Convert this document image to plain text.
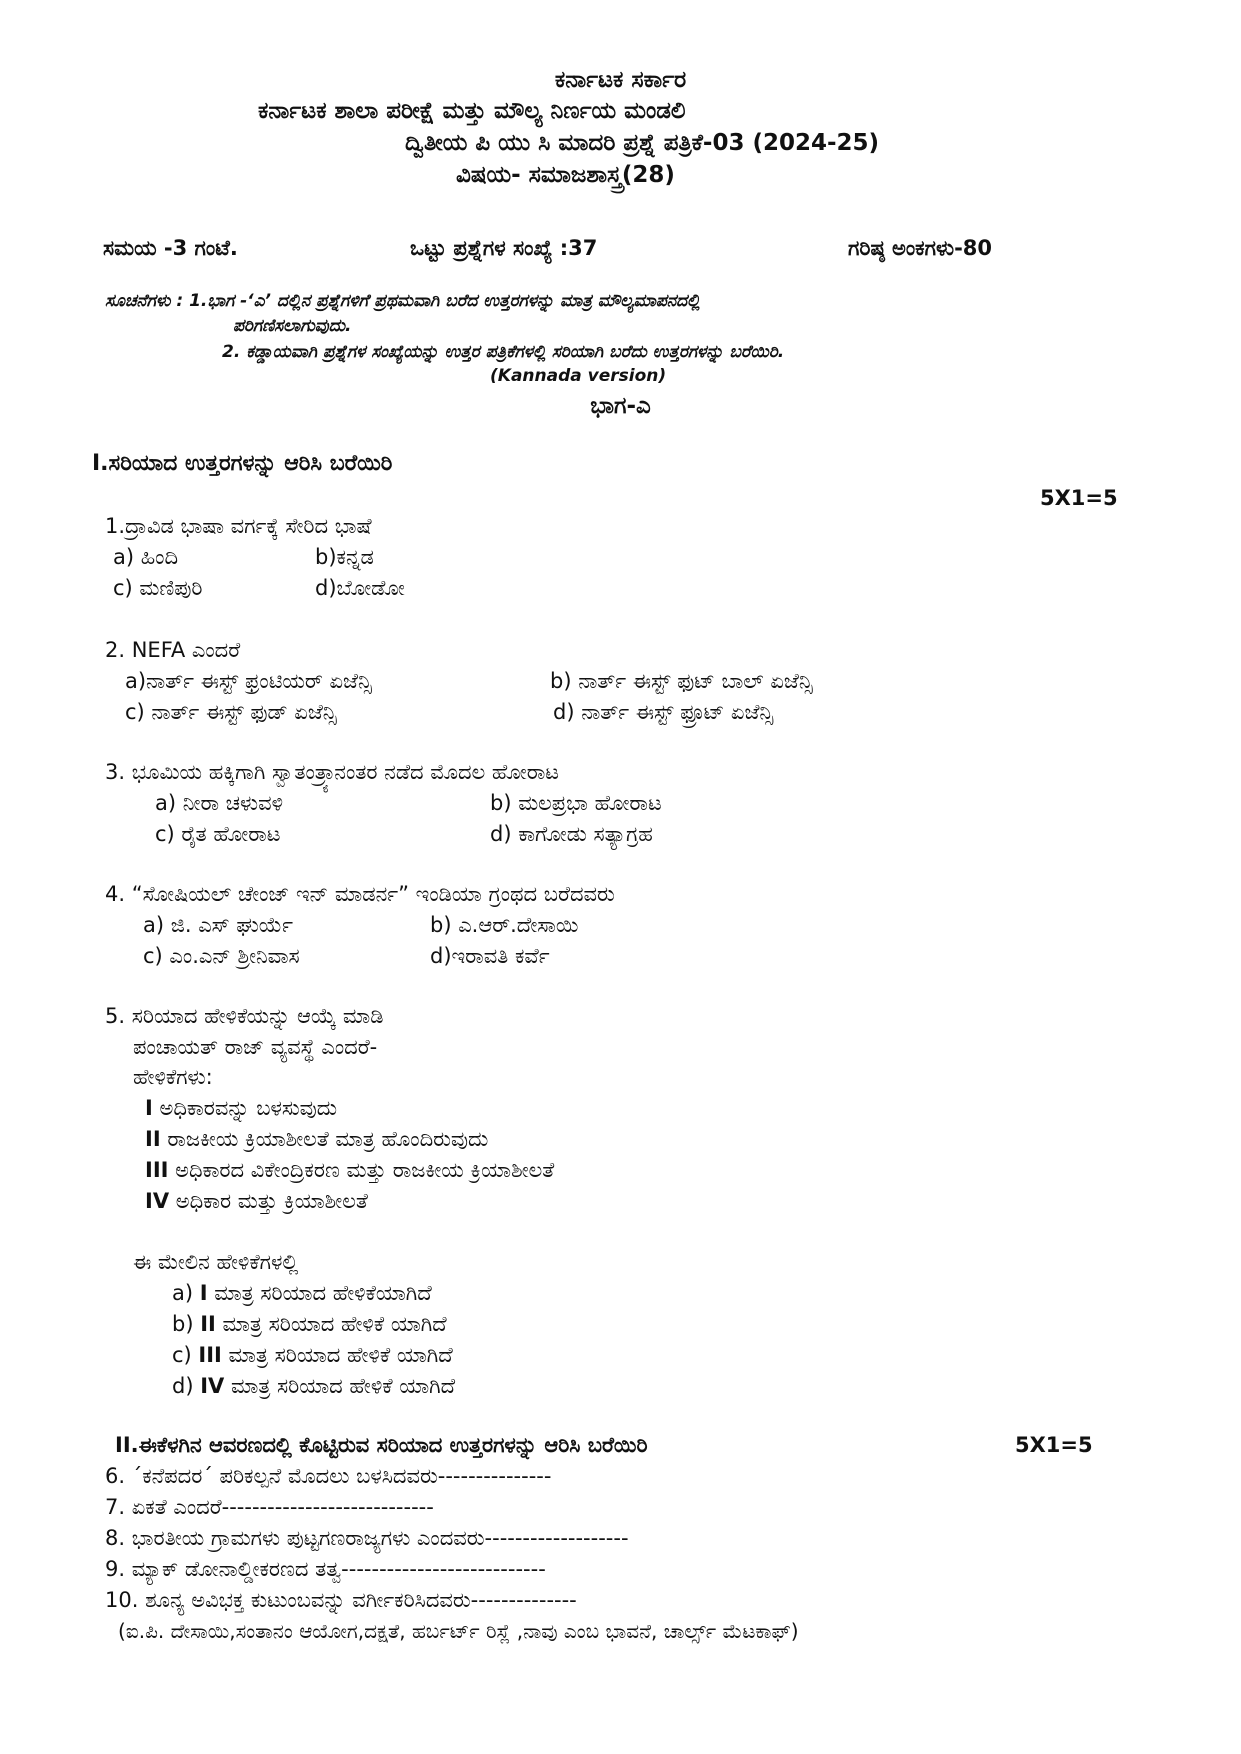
ಕರ್ನಾಟಕ ಸರ್ಕಾರ
ಕರ್ನಾಟಕ ಶಾಲಾ ಪರೀಕ್ಷೆ ಮತ್ತು ಮೌಲ್ಯ ನಿರ್ಣಯ ಮಂಡಲಿ
ದ್ವಿತೀಯ ಪಿ ಯು ಸಿ ಮಾದರಿ ಪ್ರಶ್ನೆ ಪತ್ರಿಕೆ-03 (2024-25)
ವಿಷಯ- ಸಮಾಜಶಾಸ್ತ್ರ(28)
ಸಮಯ -3 ಗಂಟೆ.	ಒಟ್ಟು ಪ್ರಶ್ನೆಗಳ ಸಂಖ್ಯೆ :37	ಗರಿಷ್ಠ ಅಂಕಗಳು-80
ಸೂಚನೆಗಳು : 1.ಭಾಗ -‘ಎ’ ದಲ್ಲಿನ ಪ್ರಶ್ನೆಗಳಿಗೆ ಪ್ರಥಮವಾಗಿ ಬರೆದ ಉತ್ತರಗಳನ್ನು ಮಾತ್ರ ಮೌಲ್ಯಮಾಪನದಲ್ಲಿ
ಪರಿಗಣಿಸಲಾಗುವುದು.
2. ಕಡ್ಡಾಯವಾಗಿ ಪ್ರಶ್ನೆಗಳ ಸಂಖ್ಯೆಯನ್ನು ಉತ್ತರ ಪತ್ರಿಕೆಗಳಲ್ಲಿ ಸರಿಯಾಗಿ ಬರೆದು ಉತ್ತರಗಳನ್ನು ಬರೆಯಿರಿ.
(Kannada version)
ಭಾಗ-ಎ
I.ಸರಿಯಾದ ಉತ್ತರಗಳನ್ನು ಆರಿಸಿ ಬರೆಯಿರಿ
5X1=5
1.ದ್ರಾವಿಡ ಭಾಷಾ ವರ್ಗಕ್ಕೆ ಸೇರಿದ ಭಾಷೆ
a) ಹಿಂದಿ	b)ಕನ್ನಡ
c) ಮಣಿಪುರಿ	d)ಬೋಡೋ
2. NEFA ಎಂದರೆ
a)ನಾರ್ತ್ ಈಸ್ಟ್ ಫ್ರಂಟಿಯರ್ ಏಜೆನ್ಸಿ	b) ನಾರ್ತ್ ಈಸ್ಟ್ ಫುಟ್ ಬಾಲ್ ಏಜೆನ್ಸಿ
c) ನಾರ್ತ್ ಈಸ್ಟ್ ಫುಡ್ ಏಜೆನ್ಸಿ	d) ನಾರ್ತ್ ಈಸ್ಟ್ ಫ್ರೂಟ್ ಏಜೆನ್ಸಿ
3. ಭೂಮಿಯ ಹಕ್ಕಿಗಾಗಿ ಸ್ವಾತಂತ್ರ್ಯಾನಂತರ ನಡೆದ ಮೊದಲ ಹೋರಾಟ
a) ನೀರಾ ಚಳುವಳಿ	b) ಮಲಪ್ರಭಾ ಹೋರಾಟ
c) ರೈತ ಹೋರಾಟ	d) ಕಾಗೋಡು ಸತ್ಯಾಗ್ರಹ
4. “ಸೋಷಿಯಲ್ ಚೇಂಜ್ ಇನ್ ಮಾಡರ್ನ” ಇಂಡಿಯಾ ಗ್ರಂಥದ ಬರೆದವರು
a) ಜಿ. ಎಸ್ ಘುರ್ಯೆ	b) ಎ.ಆರ್.ದೇಸಾಯಿ
c) ಎಂ.ಎನ್ ಶ್ರೀನಿವಾಸ	d)ಇರಾವತಿ ಕರ್ವೆ
5. ಸರಿಯಾದ ಹೇಳಿಕೆಯನ್ನು ಆಯ್ಕೆ ಮಾಡಿ
ಪಂಚಾಯತ್ ರಾಜ್ ವ್ಯವಸ್ಥೆ ಎಂದರೆ-
ಹೇಳಿಕೆಗಳು:
I ಅಧಿಕಾರವನ್ನು ಬಳಸುವುದು
II ರಾಜಕೀಯ ಕ್ರಿಯಾಶೀಲತೆ ಮಾತ್ರ ಹೊಂದಿರುವುದು
III ಅಧಿಕಾರದ ವಿಕೇಂದ್ರಿಕರಣ ಮತ್ತು ರಾಜಕೀಯ ಕ್ರಿಯಾಶೀಲತೆ
IV ಅಧಿಕಾರ ಮತ್ತು ಕ್ರಿಯಾಶೀಲತೆ
ಈ ಮೇಲಿನ ಹೇಳಿಕೆಗಳಲ್ಲಿ
a) I ಮಾತ್ರ ಸರಿಯಾದ ಹೇಳಿಕೆಯಾಗಿದೆ
b) II ಮಾತ್ರ ಸರಿಯಾದ ಹೇಳಿಕೆ ಯಾಗಿದೆ
c) III ಮಾತ್ರ ಸರಿಯಾದ ಹೇಳಿಕೆ ಯಾಗಿದೆ
d) IV ಮಾತ್ರ ಸರಿಯಾದ ಹೇಳಿಕೆ ಯಾಗಿದೆ
II.ಈಕೆಳಗಿನ ಆವರಣದಲ್ಲಿ ಕೊಟ್ಟಿರುವ ಸರಿಯಾದ ಉತ್ತರಗಳನ್ನು ಆರಿಸಿ ಬರೆಯಿರಿ	5X1=5
6. ´ಕನೆಪದರ´ ಪರಿಕಲ್ಪನೆ ಮೊದಲು ಬಳಸಿದವರು---------------
7. ಏಕತೆ ಎಂದರೆ----------------------------
8. ಭಾರತೀಯ ಗ್ರಾಮಗಳು ಪುಟ್ಟಗಣರಾಜ್ಯಗಳು ಎಂದವರು-------------------
9. ಮ್ಯಾಕ್ ಡೋನಾಲ್ಡೀಕರಣದ ತತ್ವ---------------------------
10. ಶೂನ್ಯ ಅವಿಭಕ್ತ ಕುಟುಂಬವನ್ನು ವರ್ಗೀಕರಿಸಿದವರು--------------
(ಐ.ಪಿ. ದೇಸಾಯಿ,ಸಂತಾನಂ ಆಯೋಗ,ದಕ್ಷತೆ, ಹರ್ಬರ್ಟ್ ರಿಸ್ಲೆ ,ನಾವು ಎಂಬ ಭಾವನೆ, ಚಾರ್ಲ್ಸ್ ಮೆಟಕಾಫ್)
